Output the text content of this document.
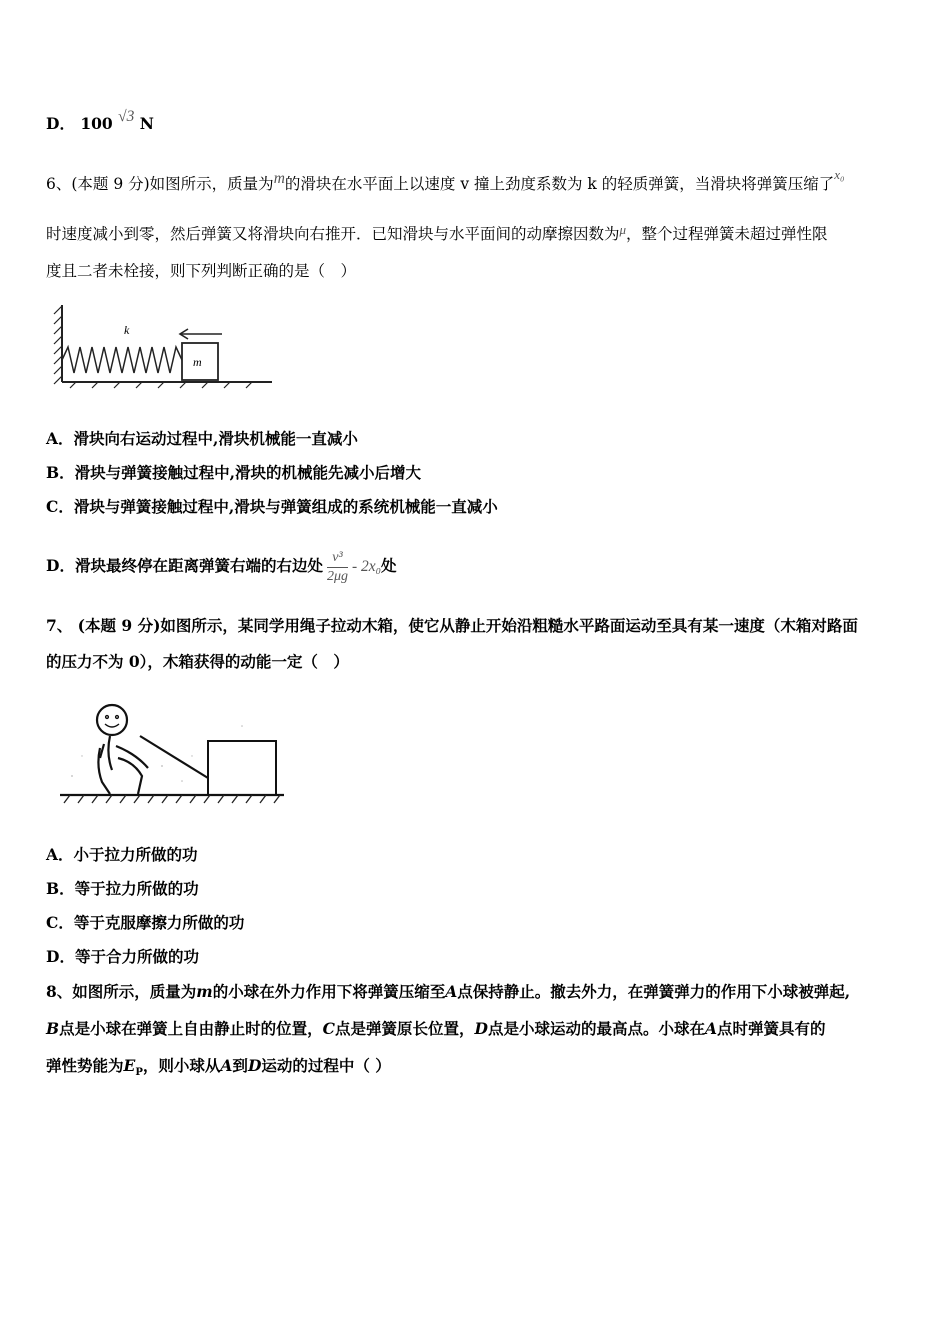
D． 100 √3 N
6、(本题 9 分)如图所示，质量为m的滑块在水平面上以速度 v 撞上劲度系数为 k 的轻质弹簧，当滑块将弹簧压缩了$^{x_0}$
时速度减小到零，然后弹簧又将滑块向右推开．已知滑块与水平面间的动摩擦因数为$^\mu$，整个过程弹簧未超过弹性限
度且二者未栓接，则下列判断正确的是（　）
m
k
A．滑块向右运动过程中,滑块机械能一直减小
B．滑块与弹簧接触过程中,滑块的机械能先减小后增大
C．滑块与弹簧接触过程中,滑块与弹簧组成的系统机械能一直减小
D．滑块最终停在距离弹簧右端的右边处 $\frac{\text{v³}}{2\mu g} - 2x_0$处
7、 (本题 9 分)如图所示，某同学用绳子拉动木箱，使它从静止开始沿粗糙水平路面运动至具有某一速度（木箱对路面
的压力不为 0），木箱获得的动能一定（　）
A．小于拉力所做的功
B．等于拉力所做的功
C．等于克服摩擦力所做的功
D．等于合力所做的功
8、如图所示，质量为m的小球在外力作用下将弹簧压缩至A点保持静止。撤去外力，在弹簧弹力的作用下小球被弹起,
B点是小球在弹簧上自由静止时的位置，C点是弹簧原长位置，D点是小球运动的最高点。小球在A点时弹簧具有的
弹性势能为$E_P$，则小球从A到D运动的过程中（ ）
